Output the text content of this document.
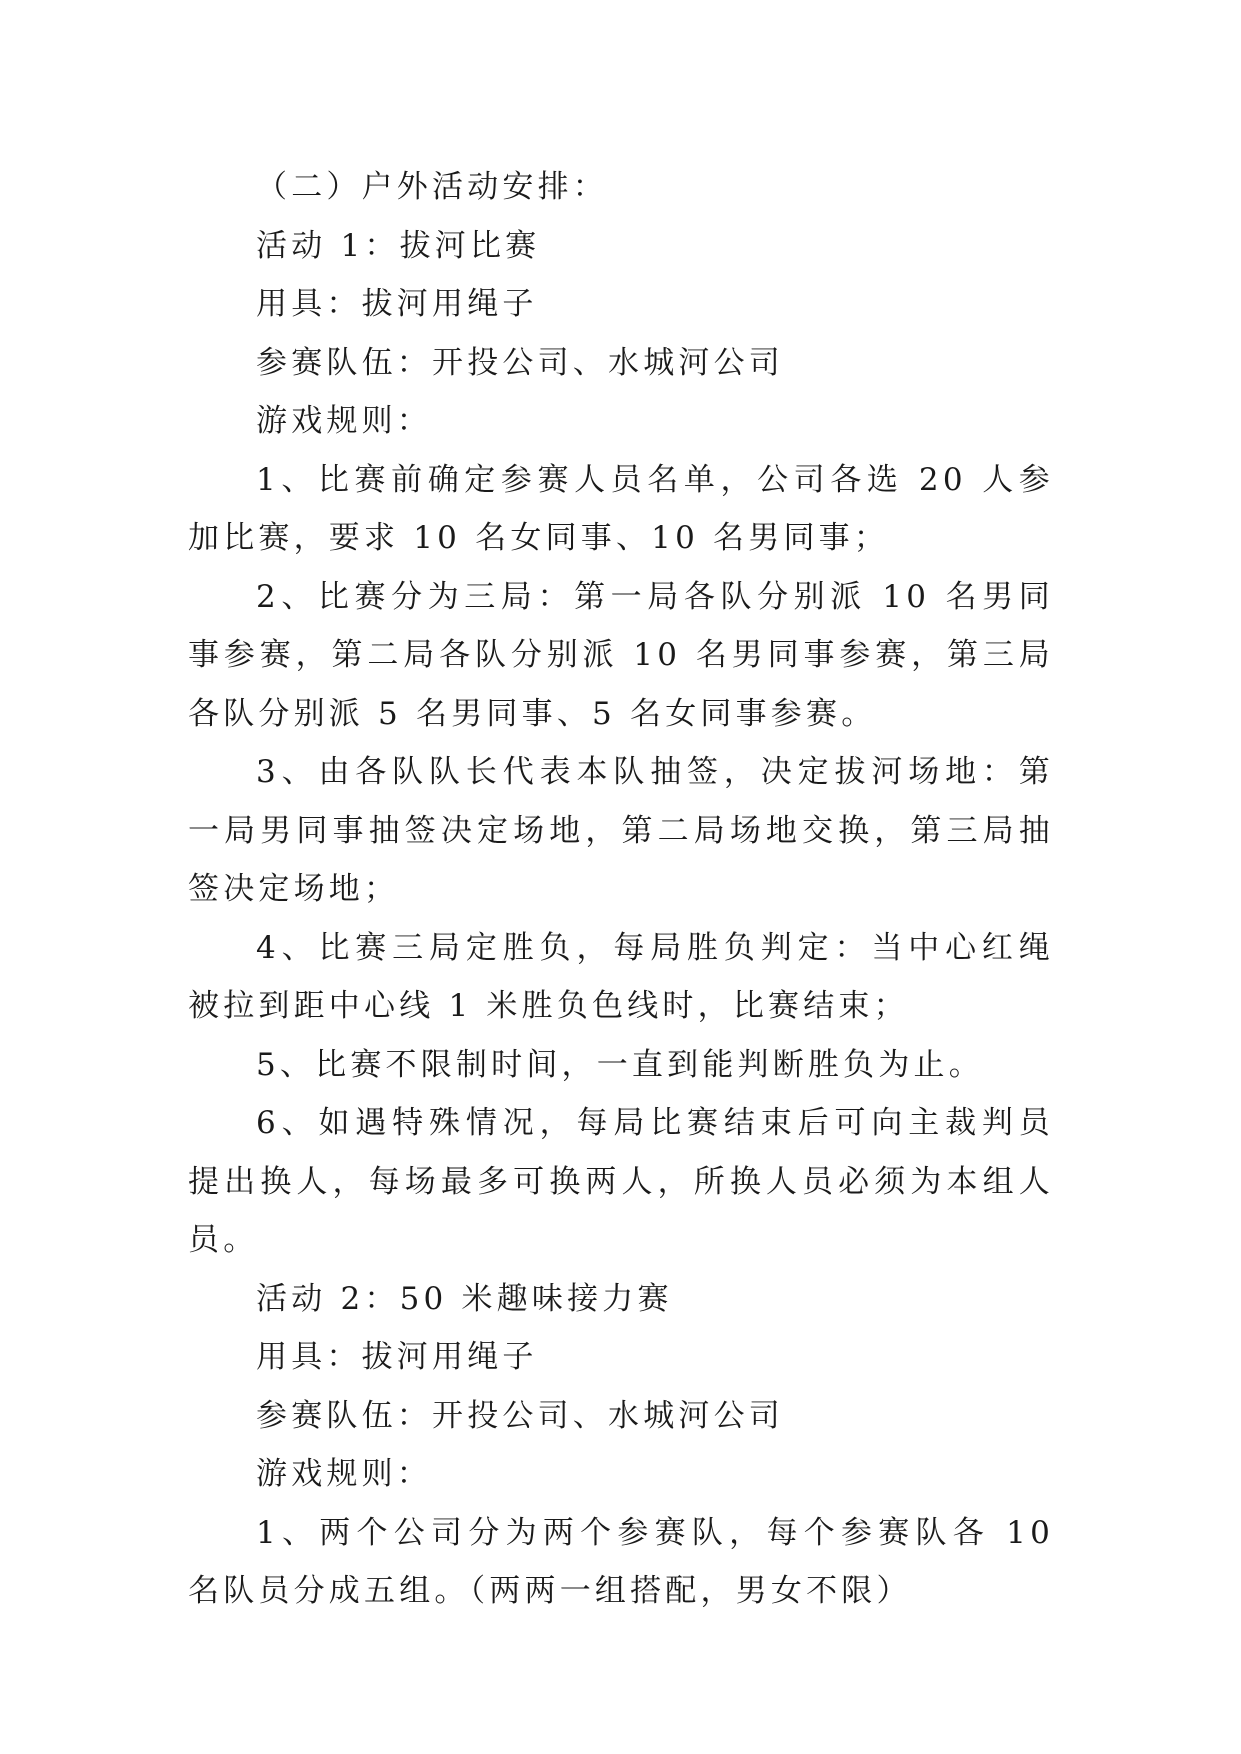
（二）户外活动安排：

活动 1：拔河比赛

用具：拔河用绳子

参赛队伍：开投公司、水城河公司

游戏规则：

1、比赛前确定参赛人员名单，公司各选 20 人参加比赛，要求 10 名女同事、10 名男同事；

2、比赛分为三局：第一局各队分别派 10 名男同事参赛，第二局各队分别派 10 名男同事参赛，第三局各队分别派 5 名男同事、5 名女同事参赛。

3、由各队队长代表本队抽签，决定拔河场地：第一局男同事抽签决定场地，第二局场地交换，第三局抽签决定场地；

4、比赛三局定胜负，每局胜负判定：当中心红绳被拉到距中心线 1 米胜负色线时，比赛结束；

5、比赛不限制时间，一直到能判断胜负为止。

6、如遇特殊情况，每局比赛结束后可向主裁判员提出换人，每场最多可换两人，所换人员必须为本组人员。

活动 2：50 米趣味接力赛

用具：拔河用绳子

参赛队伍：开投公司、水城河公司

游戏规则：

1、两个公司分为两个参赛队，每个参赛队各 10 名队员分成五组。（两两一组搭配，男女不限）
